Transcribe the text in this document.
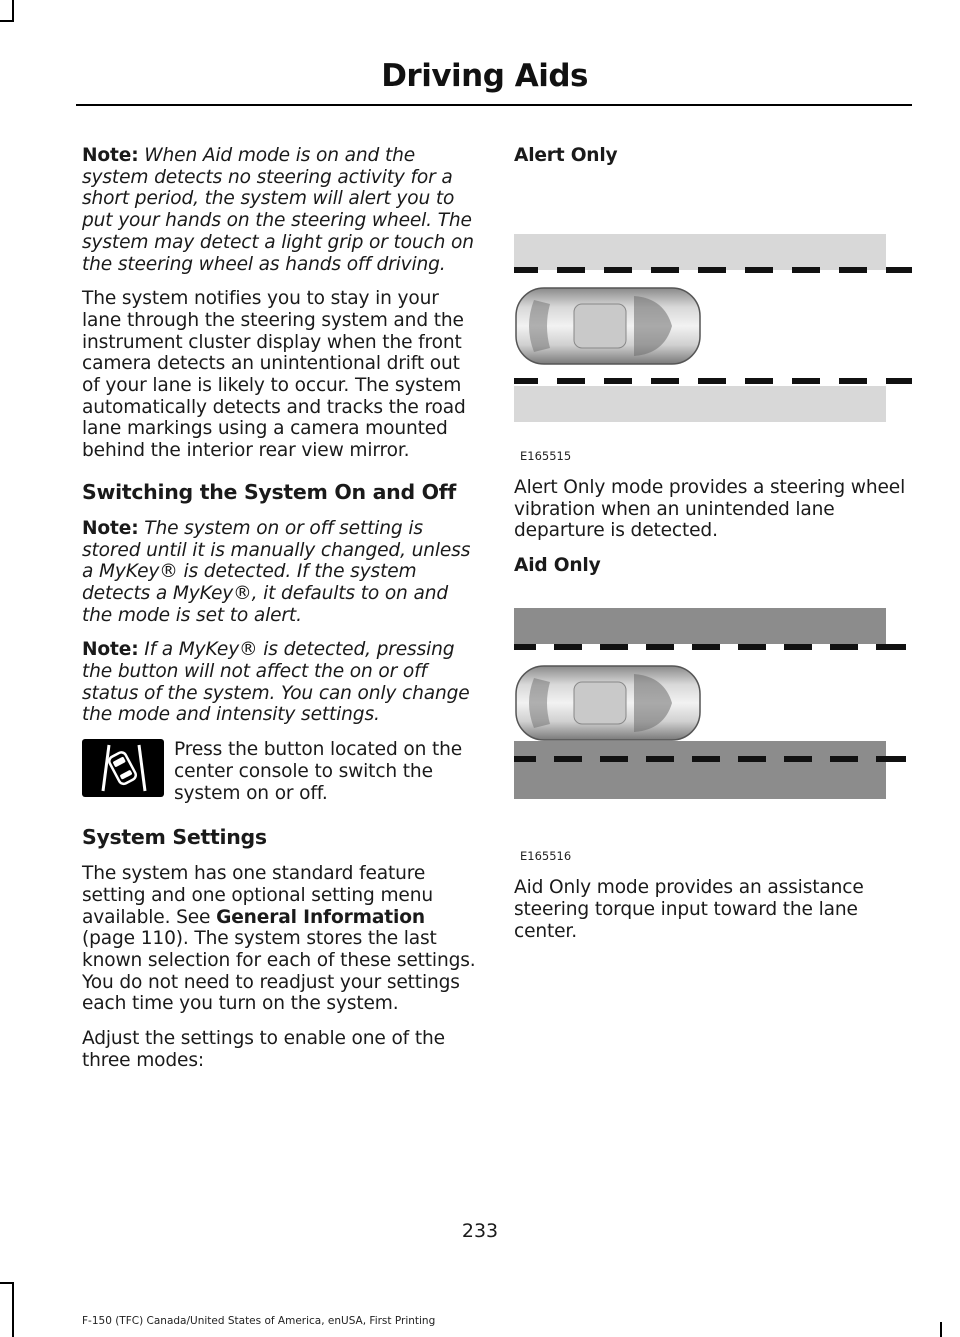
Driving Aids

Note: When Aid mode is on and the system detects no steering activity for a short period, the system will alert you to put your hands on the steering wheel. The system may detect a light grip or touch on the steering wheel as hands off driving.

The system notifies you to stay in your lane through the steering system and the instrument cluster display when the front camera detects an unintentional drift out of your lane is likely to occur. The system automatically detects and tracks the road lane markings using a camera mounted behind the interior rear view mirror.

Switching the System On and Off

Note: The system on or off setting is stored until it is manually changed, unless a MyKey® is detected. If the system detects a MyKey®, it defaults to on and the mode is set to alert.

Note: If a MyKey® is detected, pressing the button will not affect the on or off status of the system. You can only change the mode and intensity settings.

Press the button located on the center console to switch the system on or off.

System Settings

The system has one standard feature setting and one optional setting menu available. See General Information (page 110). The system stores the last known selection for each of these settings. You do not need to readjust your settings each time you turn on the system.

Adjust the settings to enable one of the three modes:

Alert Only
E165515

Alert Only mode provides a steering wheel vibration when an unintended lane departure is detected.

Aid Only
E165516

Aid Only mode provides an assistance steering torque input toward the lane center.

233
F-150 (TFC) Canada/United States of America, enUSA, First Printing
